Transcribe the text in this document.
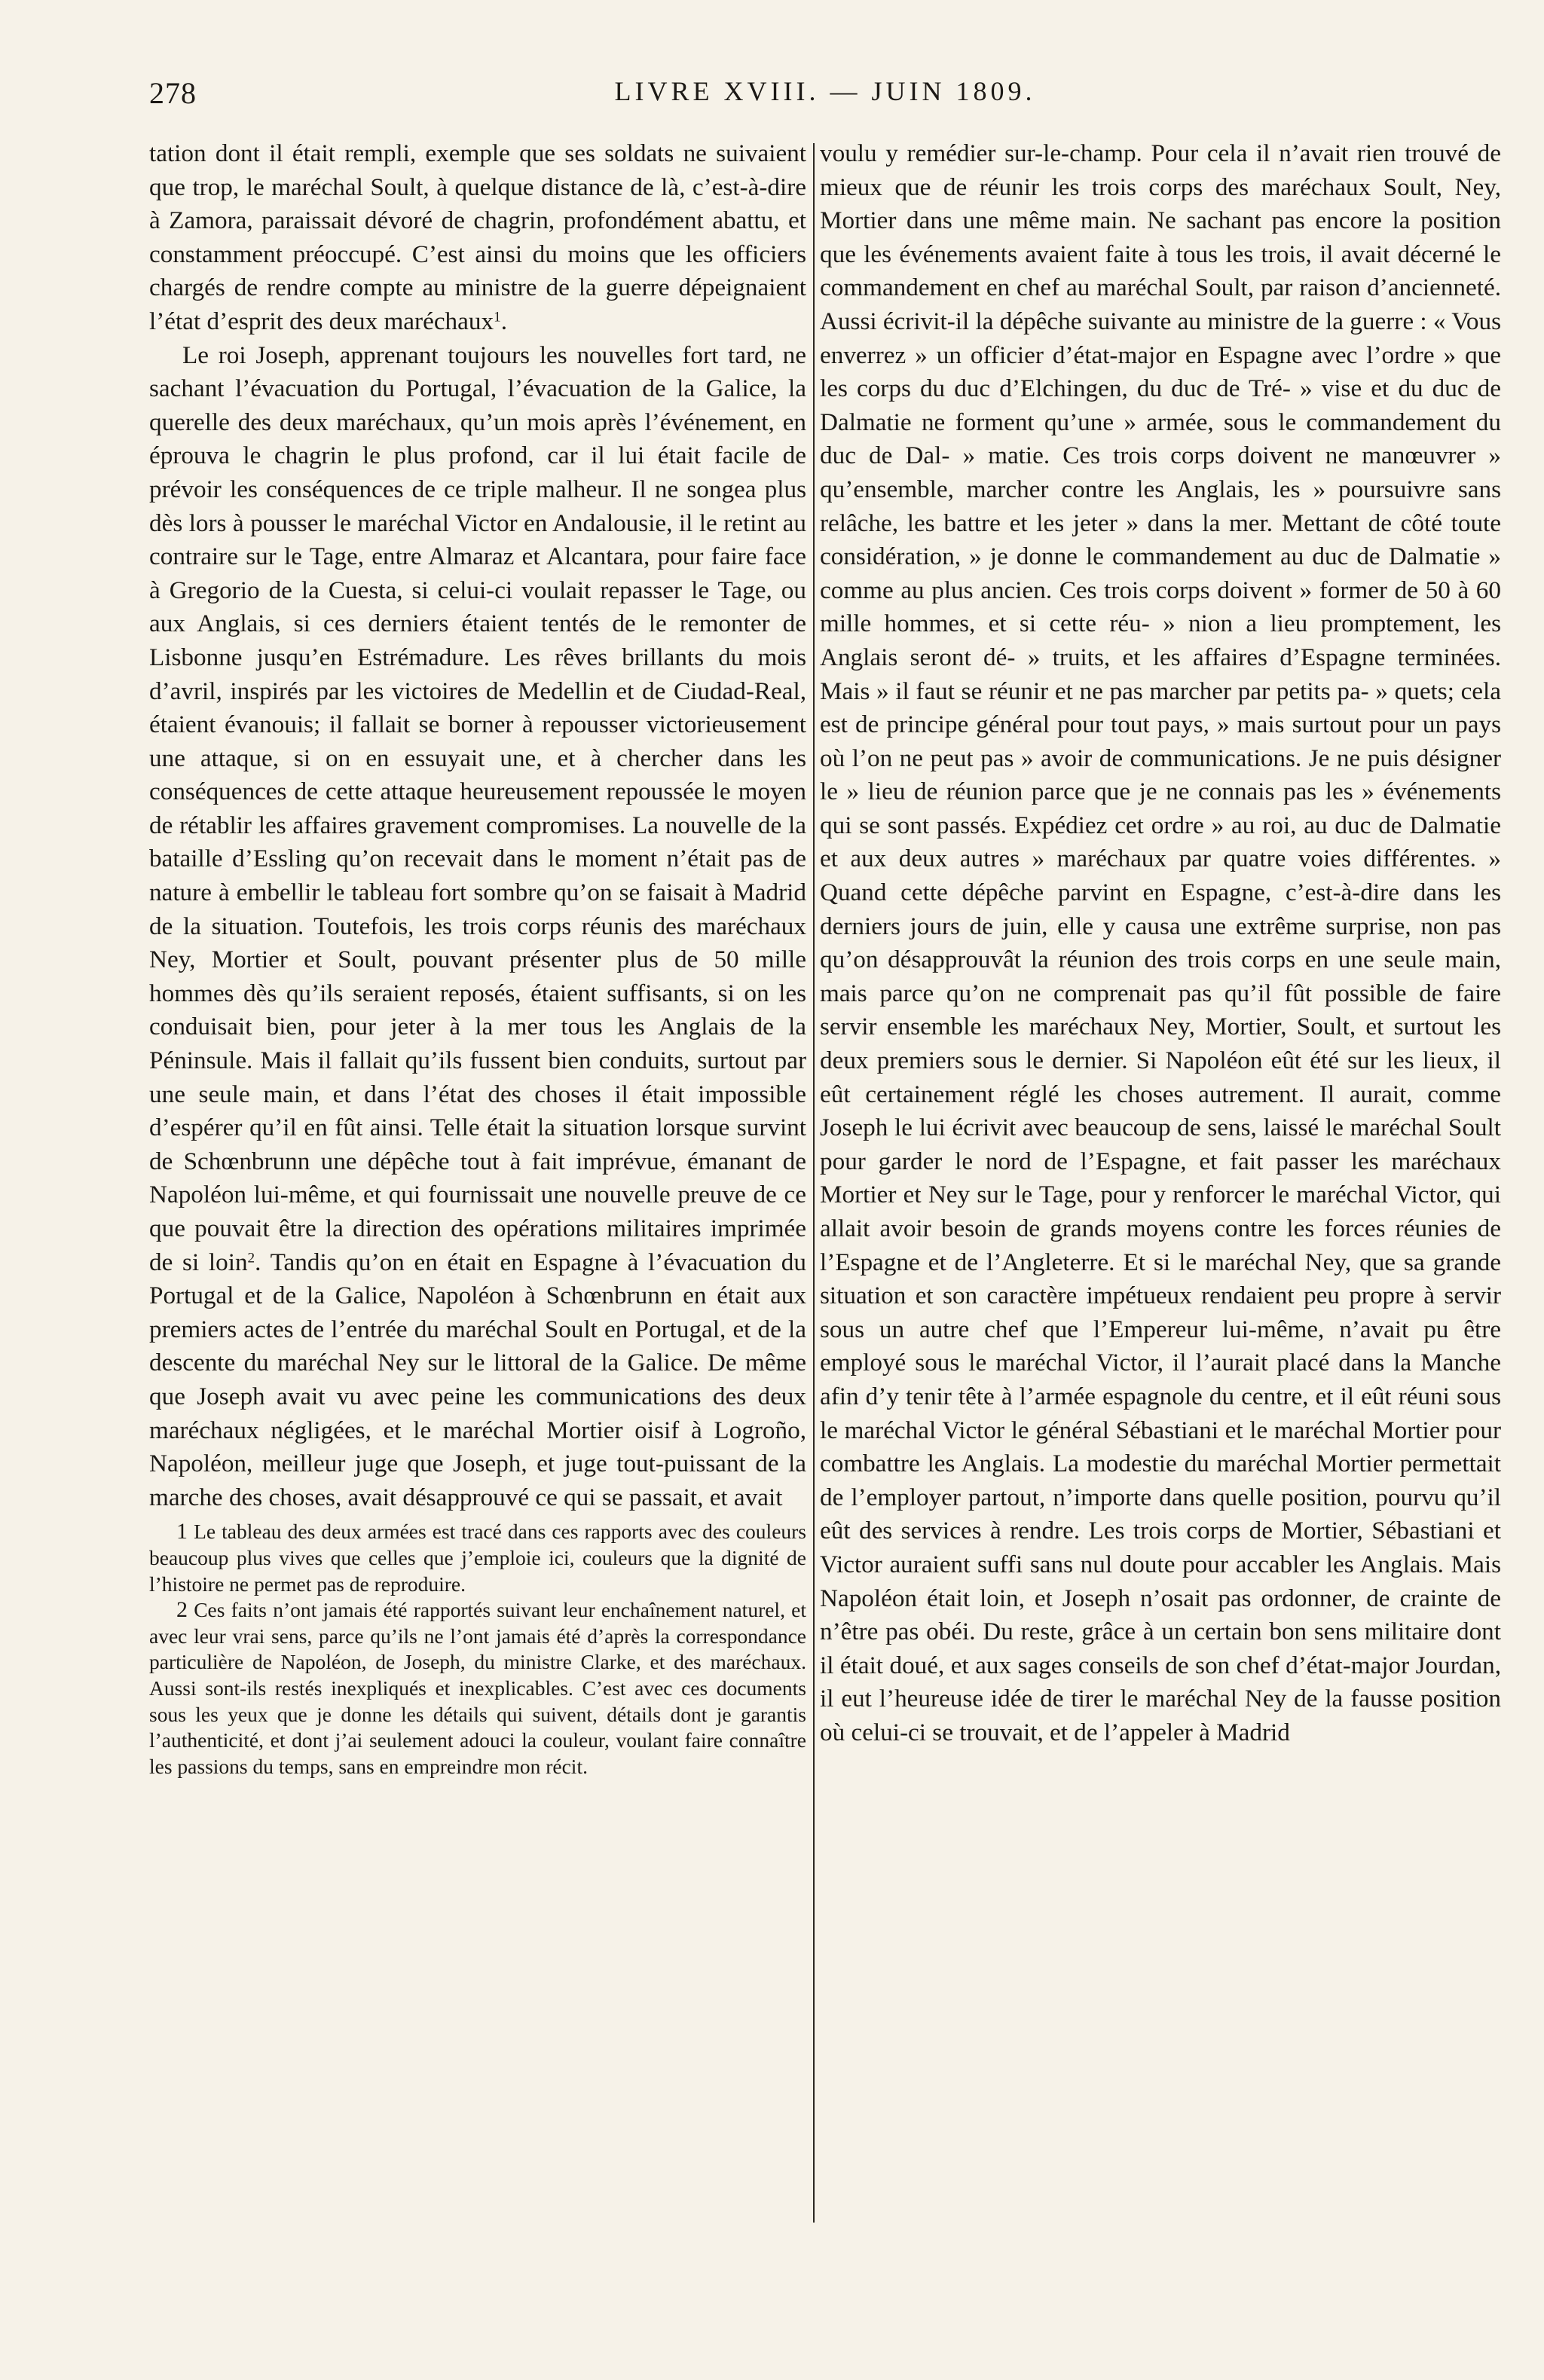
278	LIVRE XVIII. — JUIN 1809.

tation dont il était rempli, exemple que ses soldats ne suivaient que trop, le maréchal Soult, à quelque distance de là, c’est-à-dire à Zamora, paraissait dévoré de chagrin, profondément abattu, et constamment préoccupé. C’est ainsi du moins que les officiers chargés de rendre compte au ministre de la guerre dépeignaient l’état d’esprit des deux maréchaux$^1$.

Le roi Joseph, apprenant toujours les nouvelles fort tard, ne sachant l’évacuation du Portugal, l’évacuation de la Galice, la querelle des deux maréchaux, qu’un mois après l’événement, en éprouva le chagrin le plus profond, car il lui était facile de prévoir les conséquences de ce triple malheur. Il ne songea plus dès lors à pousser le maréchal Victor en Andalousie, il le retint au contraire sur le Tage, entre Almaraz et Alcantara, pour faire face à Gregorio de la Cuesta, si celui-ci voulait repasser le Tage, ou aux Anglais, si ces derniers étaient tentés de le remonter de Lisbonne jusqu’en Estrémadure. Les rêves brillants du mois d’avril, inspirés par les victoires de Medellin et de Ciudad-Real, étaient évanouis; il fallait se borner à repousser victorieusement une attaque, si on en essuyait une, et à chercher dans les conséquences de cette attaque heureusement repoussée le moyen de rétablir les affaires gravement compromises. La nouvelle de la bataille d’Essling qu’on recevait dans le moment n’était pas de nature à embellir le tableau fort sombre qu’on se faisait à Madrid de la situation. Toutefois, les trois corps réunis des maréchaux Ney, Mortier et Soult, pouvant présenter plus de 50 mille hommes dès qu’ils seraient reposés, étaient suffisants, si on les conduisait bien, pour jeter à la mer tous les Anglais de la Péninsule. Mais il fallait qu’ils fussent bien conduits, surtout par une seule main, et dans l’état des choses il était impossible d’espérer qu’il en fût ainsi. Telle était la situation lorsque survint de Schœnbrunn une dépêche tout à fait imprévue, émanant de Napoléon lui-même, et qui fournissait une nouvelle preuve de ce que pouvait être la direction des opérations militaires imprimée de si loin$^2$. Tandis qu’on en était en Espagne à l’évacuation du Portugal et de la Galice, Napoléon à Schœnbrunn en était aux premiers actes de l’entrée du maréchal Soult en Portugal, et de la descente du maréchal Ney sur le littoral de la Galice. De même que Joseph avait vu avec peine les communications des deux maréchaux négligées, et le maréchal Mortier oisif à Logroño, Napoléon, meilleur juge que Joseph, et juge tout-puissant de la marche des choses, avait désapprouvé ce qui se passait, et avait

1 Le tableau des deux armées est tracé dans ces rapports avec des couleurs beaucoup plus vives que celles que j’emploie ici, couleurs que la dignité de l’histoire ne permet pas de reproduire.

2 Ces faits n’ont jamais été rapportés suivant leur enchaînement naturel, et avec leur vrai sens, parce qu’ils ne l’ont jamais été d’après la correspondance particulière de Napoléon, de Joseph, du ministre Clarke, et des maréchaux. Aussi sont-ils restés inexpliqués et inexplicables. C’est avec ces documents sous les yeux que je donne les détails qui suivent, détails dont je garantis l’authenticité, et dont j’ai seulement adouci la couleur, voulant faire connaître les passions du temps, sans en empreindre mon récit.

voulu y remédier sur-le-champ. Pour cela il n’avait rien trouvé de mieux que de réunir les trois corps des maréchaux Soult, Ney, Mortier dans une même main. Ne sachant pas encore la position que les événements avaient faite à tous les trois, il avait décerné le commandement en chef au maréchal Soult, par raison d’ancienneté. Aussi écrivit-il la dépêche suivante au ministre de la guerre : « Vous enverrez » un officier d’état-major en Espagne avec l’ordre » que les corps du duc d’Elchingen, du duc de Tré- » vise et du duc de Dalmatie ne forment qu’une » armée, sous le commandement du duc de Dal- » matie. Ces trois corps doivent ne manœuvrer » qu’ensemble, marcher contre les Anglais, les » poursuivre sans relâche, les battre et les jeter » dans la mer. Mettant de côté toute considération, » je donne le commandement au duc de Dalmatie » comme au plus ancien. Ces trois corps doivent » former de 50 à 60 mille hommes, et si cette réu- » nion a lieu promptement, les Anglais seront dé- » truits, et les affaires d’Espagne terminées. Mais » il faut se réunir et ne pas marcher par petits pa- » quets; cela est de principe général pour tout pays, » mais surtout pour un pays où l’on ne peut pas » avoir de communications. Je ne puis désigner le » lieu de réunion parce que je ne connais pas les » événements qui se sont passés. Expédiez cet ordre » au roi, au duc de Dalmatie et aux deux autres » maréchaux par quatre voies différentes. » Quand cette dépêche parvint en Espagne, c’est-à-dire dans les derniers jours de juin, elle y causa une extrême surprise, non pas qu’on désapprouvât la réunion des trois corps en une seule main, mais parce qu’on ne comprenait pas qu’il fût possible de faire servir ensemble les maréchaux Ney, Mortier, Soult, et surtout les deux premiers sous le dernier. Si Napoléon eût été sur les lieux, il eût certainement réglé les choses autrement. Il aurait, comme Joseph le lui écrivit avec beaucoup de sens, laissé le maréchal Soult pour garder le nord de l’Espagne, et fait passer les maréchaux Mortier et Ney sur le Tage, pour y renforcer le maréchal Victor, qui allait avoir besoin de grands moyens contre les forces réunies de l’Espagne et de l’Angleterre. Et si le maréchal Ney, que sa grande situation et son caractère impétueux rendaient peu propre à servir sous un autre chef que l’Empereur lui-même, n’avait pu être employé sous le maréchal Victor, il l’aurait placé dans la Manche afin d’y tenir tête à l’armée espagnole du centre, et il eût réuni sous le maréchal Victor le général Sébastiani et le maréchal Mortier pour combattre les Anglais. La modestie du maréchal Mortier permettait de l’employer partout, n’importe dans quelle position, pourvu qu’il eût des services à rendre. Les trois corps de Mortier, Sébastiani et Victor auraient suffi sans nul doute pour accabler les Anglais. Mais Napoléon était loin, et Joseph n’osait pas ordonner, de crainte de n’être pas obéi. Du reste, grâce à un certain bon sens militaire dont il était doué, et aux sages conseils de son chef d’état-major Jourdan, il eut l’heureuse idée de tirer le maréchal Ney de la fausse position où celui-ci se trouvait, et de l’appeler à Madrid
